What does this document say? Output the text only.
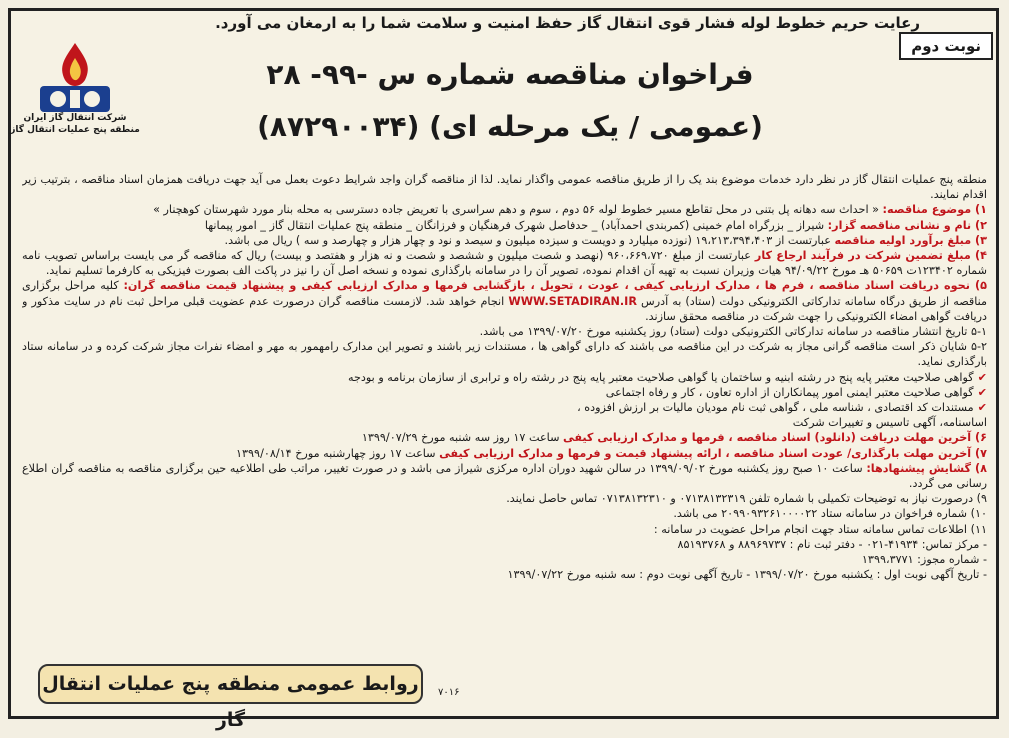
رعایت حریم خطوط لوله فشار قوی انتقال گاز حفظ امنیت و سلامت شما را به ارمغان می آورد.
نوبت دوم
فراخوان مناقصه شماره س -۹۹- ۲۸
(عمومی / یک مرحله ای) (۸۷۲۹۰۰۳۴)
شرکت انتقال گاز ایران
منطقه پنج عملیات انتقال گاز

منطقه پنج عملیات انتقال گاز در نظر دارد خدمات موضوع بند یک را از طریق مناقصه عمومی واگذار نماید. لذا از مناقصه گران واجد شرایط دعوت بعمل می آید جهت دریافت همزمان اسناد مناقصه ، بترتیب زیر اقدام نمایند.

۱) موضوع مناقصه: « احداث سه دهانه پل بتنی در محل تقاطع مسیر خطوط لوله ۵۶ دوم ، سوم و دهم سراسری با تعریض جاده دسترسی به محله بنار مورد شهرستان کوهچنار »

۲) نام و نشانی مناقصه گزار: شیراز _ بزرگراه امام خمینی (کمربندی احمدآباد) _ حدفاصل شهرک فرهنگیان و فرزانگان _ منطقه پنج عملیات انتقال گاز _ امور پیمانها

۳) مبلغ برآورد اولیه مناقصه عبارتست از ۱۹،۲۱۳،۳۹۴،۴۰۳ (نوزده میلیارد و دویست و سیزده میلیون و سیصد و نود و چهار هزار و چهارصد و سه ) ریال می باشد.

۴) مبلغ تضمین شرکت در فرآیند ارجاع کار عبارتست از مبلغ ۹۶۰،۶۶۹،۷۲۰ (نهصد و شصت میلیون و ششصد و شصت و نه هزار و هفتصد و بیست) ریال که مناقصه گر می بایست براساس تصویب نامه شماره ۱۲۳۴۰۲ت ۵۰۶۵۹ هـ مورخ ۹۴/۰۹/۲۲ هیات وزیران نسبت به تهیه آن اقدام نموده، تصویر آن را در سامانه بارگذاری نموده و نسخه اصل آن را نیز در پاکت الف بصورت فیزیکی به کارفرما تسلیم نماید.

۵) نحوه دریافت اسناد مناقصه ، فرم ها ، مدارک ارزیابی کیفی ، عودت ، تحویل ، بازگشایی فرمها و مدارک ارزیابی کیفی و پیشنهاد قیمت مناقصه گران: کلیه مراحل برگزاری مناقصه از طریق درگاه سامانه تدارکاتی الکترونیکی دولت (ستاد) به آدرس WWW.SETADIRAN.IR انجام خواهد شد. لازمست مناقصه گران درصورت عدم عضویت قبلی مراحل ثبت نام در سایت مذکور و دریافت گواهی امضاء الکترونیکی را جهت شرکت در مناقصه محقق سازند.

۵-۱ تاریخ انتشار مناقصه در سامانه تدارکاتی الکترونیکی دولت (ستاد) روز یکشنبه مورخ ۱۳۹۹/۰۷/۲۰ می باشد.

۵-۲ شایان ذکر است مناقصه گرانی مجاز به شرکت در این مناقصه می باشند که دارای گواهی ها ، مستندات زیر باشند و تصویر این مدارک رامهمور به مهر و امضاء نفرات مجاز شرکت کرده و در سامانه ستاد بارگذاری نماید.

✔ گواهی صلاحیت معتبر پایه پنج در رشته ابنیه و ساختمان یا گواهی صلاحیت معتبر پایه پنج در رشته راه و ترابری از سازمان برنامه و بودجه

✔ گواهی صلاحیت معتبر ایمنی امور پیمانکاران از اداره تعاون ، کار و رفاه اجتماعی

✔ مستندات کد اقتصادی ، شناسه ملی ، گواهی ثبت نام مودیان مالیات بر ارزش افزوده ،

اساسنامه، آگهی تاسیس و تغییرات شرکت

۶) آخرین مهلت دریافت (دانلود) اسناد مناقصه ، فرمها و مدارک ارزیابی کیفی ساعت ۱۷ روز سه شنبه مورخ ۱۳۹۹/۰۷/۲۹

۷) آخرین مهلت بارگذاری/ عودت اسناد مناقصه ، ارائه پیشنهاد قیمت و فرمها و مدارک ارزیابی کیفی ساعت ۱۷ روز چهارشنبه مورخ ۱۳۹۹/۰۸/۱۴

۸) گشایش پیشنهادها: ساعت ۱۰ صبح روز یکشنبه مورخ ۱۳۹۹/۰۹/۰۲ در سالن شهید دوران اداره مرکزی شیراز می باشد و در صورت تغییر، مراتب طی اطلاعیه حین برگزاری مناقصه به مناقصه گران اطلاع رسانی می گردد.

۹) درصورت نیاز به توضیحات تکمیلی با شماره تلفن ۰۷۱۳۸۱۳۲۳۱۹ و ۰۷۱۳۸۱۳۲۳۱۰ تماس حاصل نمایند.

۱۰) شماره فراخوان در سامانه ستاد ۲۰۹۹۰۹۳۲۶۱۰۰۰۰۲۲ می باشد.

۱۱) اطلاعات تماس سامانه ستاد جهت انجام مراحل عضویت در سامانه :

- مرکز تماس: ۴۱۹۳۴-۰۲۱ - دفتر ثبت نام : ۸۸۹۶۹۷۳۷ و ۸۵۱۹۳۷۶۸

- شماره مجوز: ۱۳۹۹،۳۷۷۱

- تاریخ آگهی نوبت اول : یکشنبه مورخ ۱۳۹۹/۰۷/۲۰ - تاریخ آگهی نوبت دوم : سه شنبه مورخ ۱۳۹۹/۰۷/۲۲

روابط عمومی منطقه پنج عملیات انتقال گاز
۷۰۱۶
